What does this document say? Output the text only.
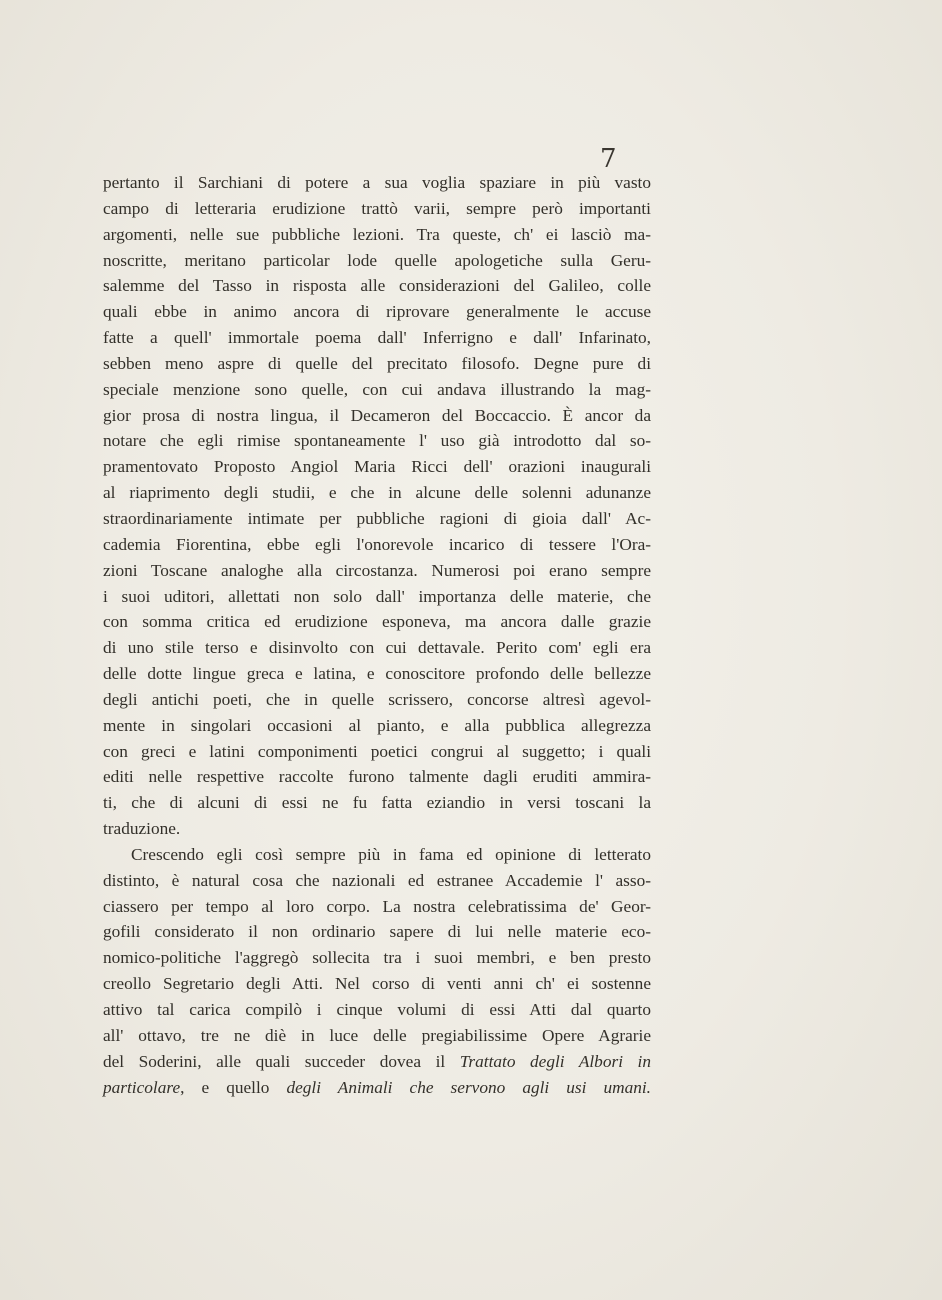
7
pertanto il Sarchiani di potere a sua voglia spaziare in più vasto
campo di letteraria erudizione trattò varii, sempre però importanti
argomenti, nelle sue pubbliche lezioni. Tra queste, ch' ei lasciò ma-
noscritte, meritano particolar lode quelle apologetiche sulla Geru-
salemme del Tasso in risposta alle considerazioni del Galileo, colle
quali ebbe in animo ancora di riprovare generalmente le accuse
fatte a quell' immortale poema dall' Inferrigno e dall' Infarinato,
sebben meno aspre di quelle del precitato filosofo. Degne pure di
speciale menzione sono quelle, con cui andava illustrando la mag-
gior prosa di nostra lingua, il Decameron del Boccaccio. È ancor da
notare che egli rimise spontaneamente l' uso già introdotto dal so-
pramentovato Proposto Angiol Maria Ricci dell' orazioni inaugurali
al riaprimento degli studii, e che in alcune delle solenni adunanze
straordinariamente intimate per pubbliche ragioni di gioia dall' Ac-
cademia Fiorentina, ebbe egli l'onorevole incarico di tessere l'Ora-
zioni Toscane analoghe alla circostanza. Numerosi poi erano sempre
i suoi uditori, allettati non solo dall' importanza delle materie, che
con somma critica ed erudizione esponeva, ma ancora dalle grazie
di uno stile terso e disinvolto con cui dettavale. Perito com' egli era
delle dotte lingue greca e latina, e conoscitore profondo delle bellezze
degli antichi poeti, che in quelle scrissero, concorse altresì agevol-
mente in singolari occasioni al pianto, e alla pubblica allegrezza
con greci e latini componimenti poetici congrui al suggetto; i quali
editi nelle respettive raccolte furono talmente dagli eruditi ammira-
ti, che di alcuni di essi ne fu fatta eziandio in versi toscani la
traduzione.
Crescendo egli così sempre più in fama ed opinione di letterato
distinto, è natural cosa che nazionali ed estranee Accademie l' asso-
ciassero per tempo al loro corpo. La nostra celebratissima de' Geor-
gofili considerato il non ordinario sapere di lui nelle materie eco-
nomico-politiche l'aggregò sollecita tra i suoi membri, e ben presto
creollo Segretario degli Atti. Nel corso di venti anni ch' ei sostenne
attivo tal carica compilò i cinque volumi di essi Atti dal quarto
all' ottavo, tre ne diè in luce delle pregiabilissime Opere Agrarie
del Soderini, alle quali succeder dovea il Trattato degli Albori in
particolare, e quello degli Animali che servono agli usi umani.
